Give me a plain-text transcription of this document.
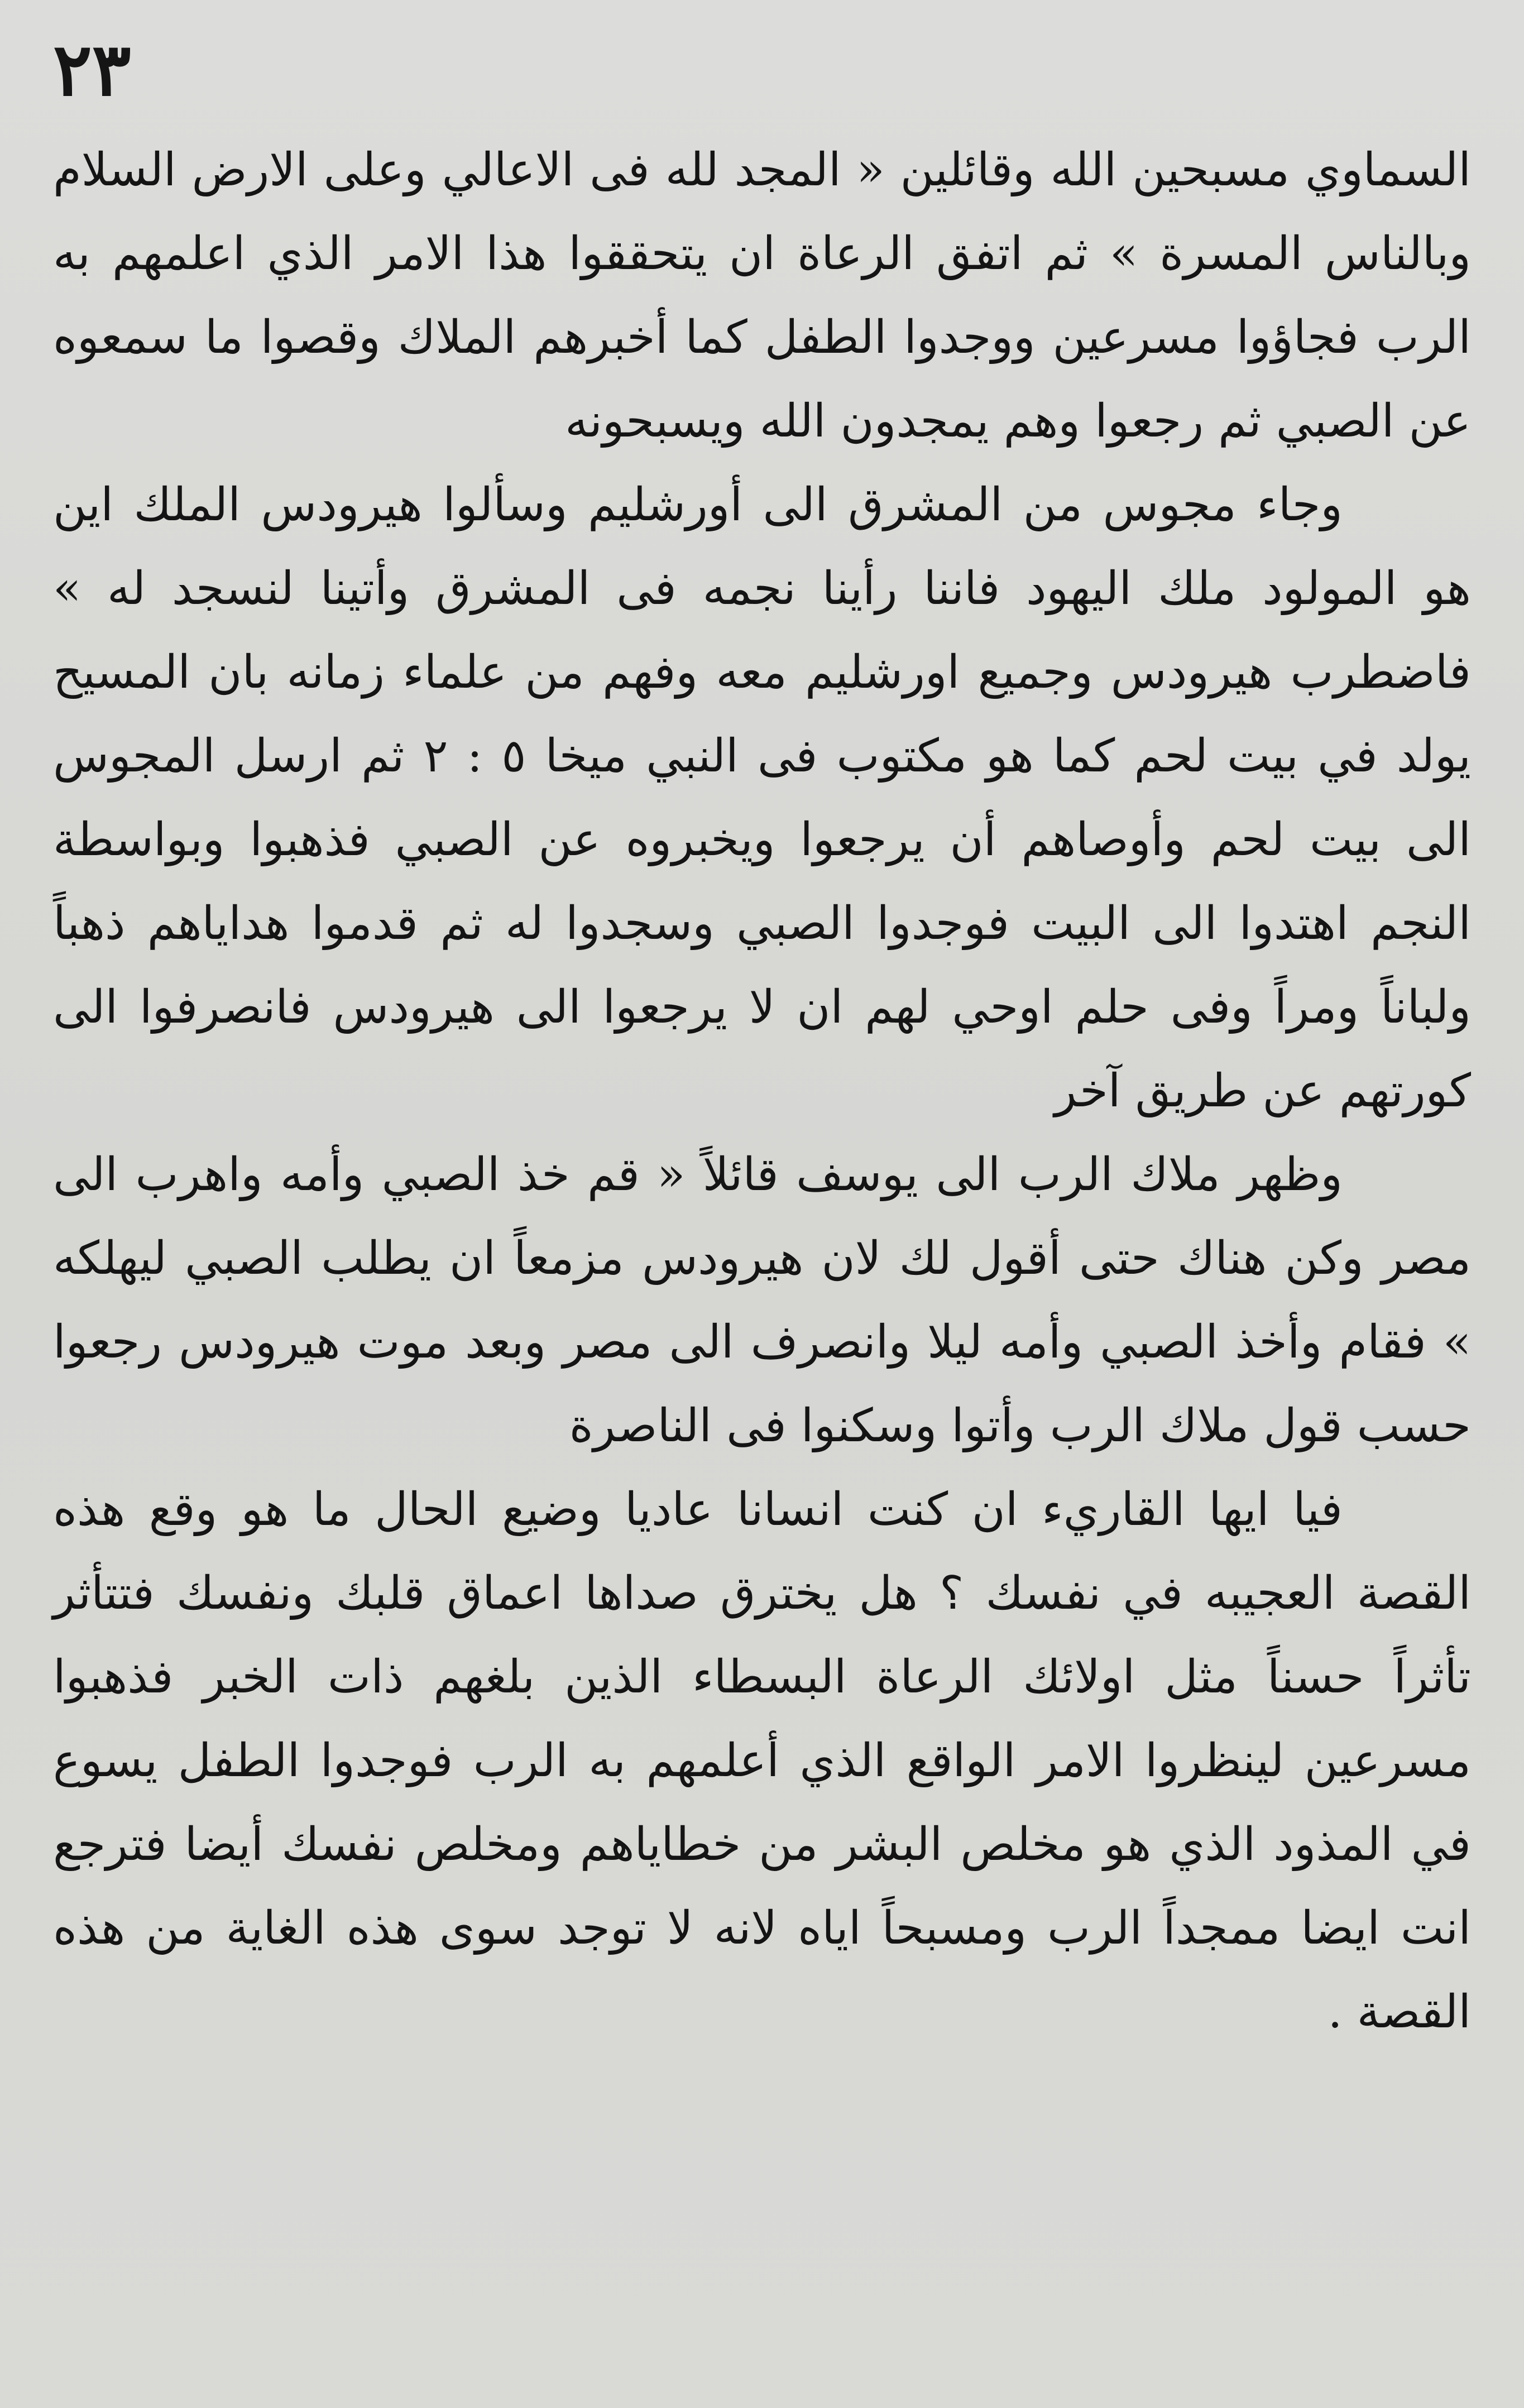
٢٣

السماوي مسبحين الله وقائلين « المجد لله فى الاعالي وعلى الارض السلام وبالناس المسرة » ثم اتفق الرعاة ان يتحققوا هذا الامر الذي اعلمهم به الرب فجاؤوا مسرعين ووجدوا الطفل كما أخبرهم الملاك وقصوا ما سمعوه عن الصبي ثم رجعوا وهم يمجدون الله ويسبحونه

وجاء مجوس من المشرق الى أورشليم وسألوا هيرودس الملك اين هو المولود ملك اليهود فاننا رأينا نجمه فى المشرق وأتينا لنسجد له » فاضطرب هيرودس وجميع اورشليم معه وفهم من علماء زمانه بان المسيح يولد في بيت لحم كما هو مكتوب فى النبي ميخا ٥ : ٢ ثم ارسل المجوس الى بيت لحم وأوصاهم أن يرجعوا ويخبروه عن الصبي فذهبوا وبواسطة النجم اهتدوا الى البيت فوجدوا الصبي وسجدوا له ثم قدموا هداياهم ذهباً ولباناً ومراً وفى حلم اوحي لهم ان لا يرجعوا الى هيرودس فانصرفوا الى كورتهم عن طريق آخر

وظهر ملاك الرب الى يوسف قائلاً « قم خذ الصبي وأمه واهرب الى مصر وكن هناك حتى أقول لك لان هيرودس مزمعاً ان يطلب الصبي ليهلكه » فقام وأخذ الصبي وأمه ليلا وانصرف الى مصر وبعد موت هيرودس رجعوا حسب قول ملاك الرب وأتوا وسكنوا فى الناصرة

فيا ايها القاريء ان كنت انسانا عاديا وضيع الحال ما هو وقع هذه القصة العجيبه في نفسك ؟ هل يخترق صداها اعماق قلبك ونفسك فتتأثر تأثراً حسناً مثل اولائك الرعاة البسطاء الذين بلغهم ذات الخبر فذهبوا مسرعين لينظروا الامر الواقع الذي أعلمهم به الرب فوجدوا الطفل يسوع في المذود الذي هو مخلص البشر من خطاياهم ومخلص نفسك أيضا فترجع انت ايضا ممجداً الرب ومسبحاً اياه لانه لا توجد سوى هذه الغاية من هذه القصة .
